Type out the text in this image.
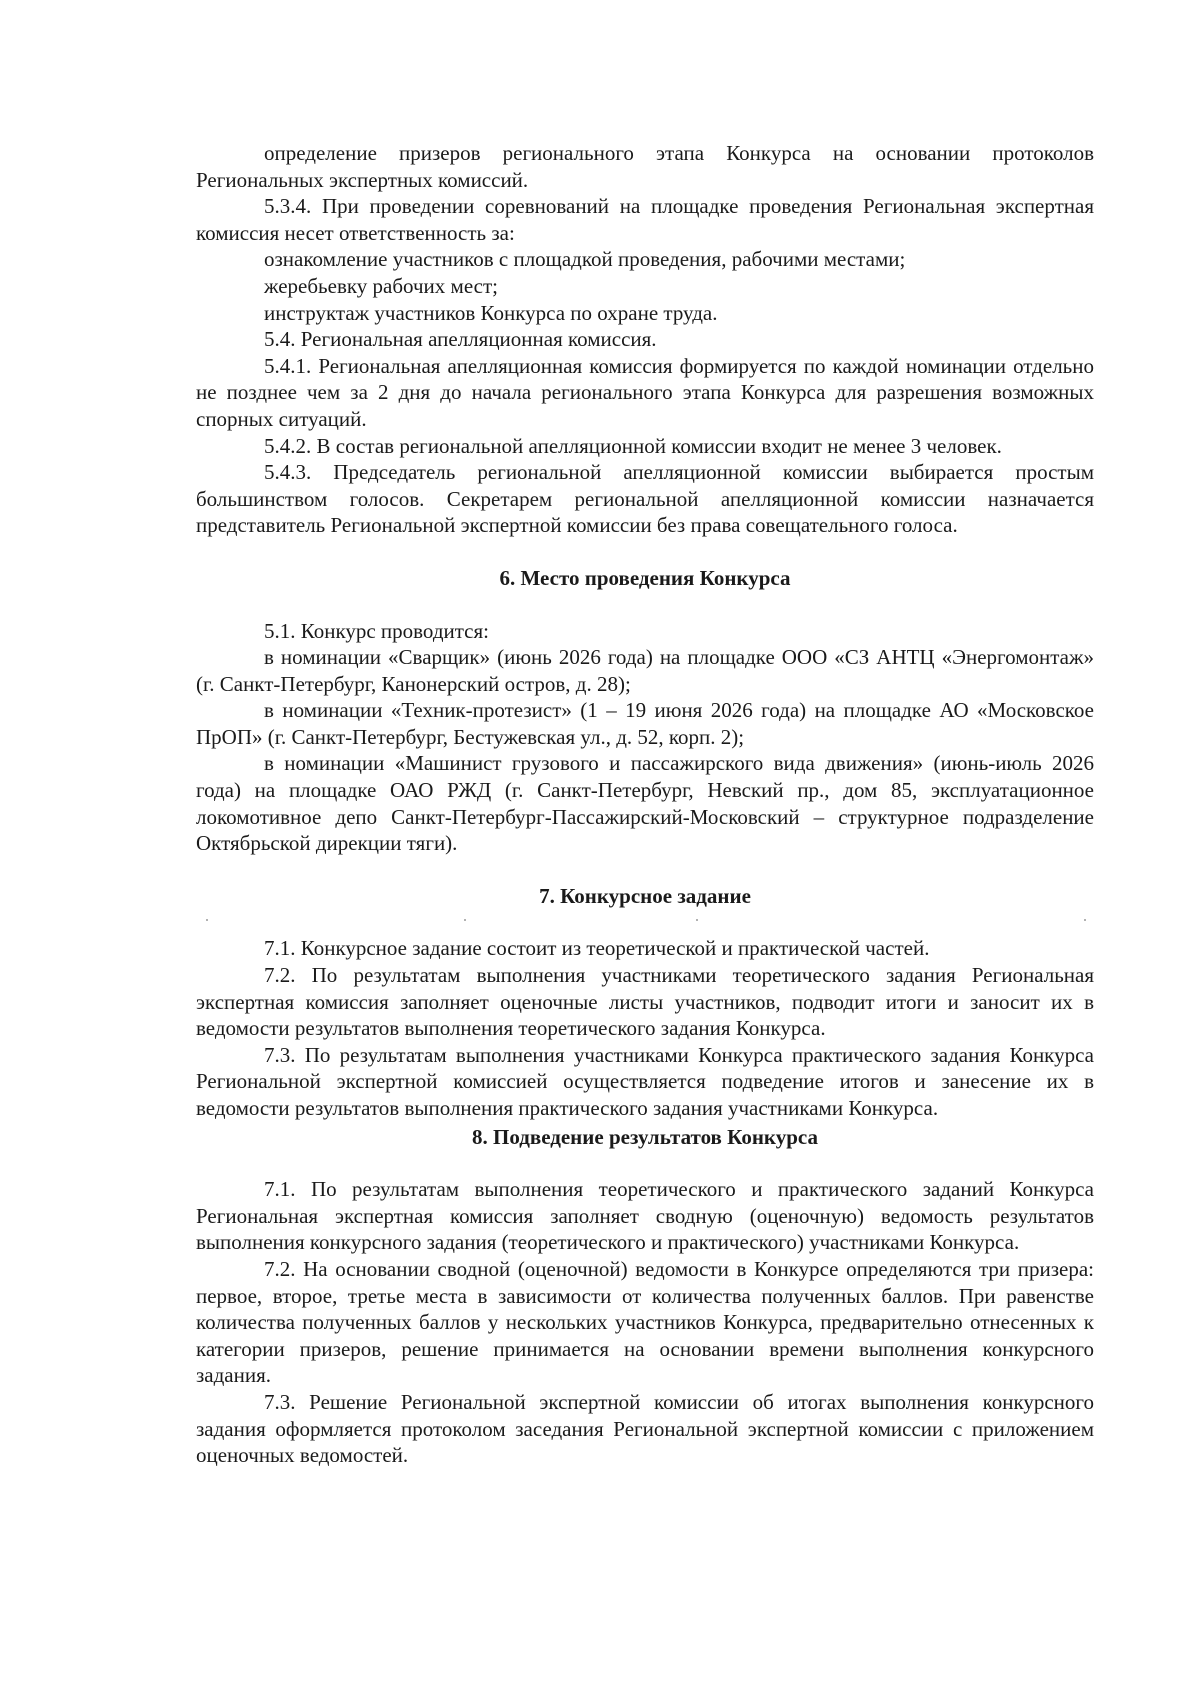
определение призеров регионального этапа Конкурса на основании протоколов Региональных экспертных комиссий.

5.3.4. При проведении соревнований на площадке проведения Региональная экспертная комиссия несет ответственность за:

ознакомление участников с площадкой проведения, рабочими местами;

жеребьевку рабочих мест;

инструктаж участников Конкурса по охране труда.

5.4. Региональная апелляционная комиссия.

5.4.1. Региональная апелляционная комиссия формируется по каждой номинации отдельно не позднее чем за 2 дня до начала регионального этапа Конкурса для разрешения возможных спорных ситуаций.

5.4.2. В состав региональной апелляционной комиссии входит не менее 3 человек.

5.4.3. Председатель региональной апелляционной комиссии выбирается простым большинством голосов. Секретарем региональной апелляционной комиссии назначается представитель Региональной экспертной комиссии без права совещательного голоса.

6. Место проведения Конкурса

5.1. Конкурс проводится:

в номинации «Сварщик» (июнь 2026 года) на площадке ООО «СЗ АНТЦ «Энергомонтаж» (г. Санкт-Петербург, Канонерский остров, д. 28);

в номинации «Техник-протезист» (1 – 19 июня 2026 года) на площадке АО «Московское ПрОП» (г. Санкт-Петербург, Бестужевская ул., д. 52, корп. 2);

в номинации «Машинист грузового и пассажирского вида движения» (июнь-июль 2026 года) на площадке ОАО РЖД (г. Санкт-Петербург, Невский пр., дом 85, эксплуатационное локомотивное депо Санкт-Петербург-Пассажирский-Московский – структурное подразделение Октябрьской дирекции тяги).

7. Конкурсное задание

7.1. Конкурсное задание состоит из теоретической и практической частей.

7.2. По результатам выполнения участниками теоретического задания Региональная экспертная комиссия заполняет оценочные листы участников, подводит итоги и заносит их в ведомости результатов выполнения теоретического задания Конкурса.

7.3. По результатам выполнения участниками Конкурса практического задания Конкурса Региональной экспертной комиссией осуществляется подведение итогов и занесение их в ведомости результатов выполнения практического задания участниками Конкурса.

8. Подведение результатов Конкурса

7.1. По результатам выполнения теоретического и практического заданий Конкурса Региональная экспертная комиссия заполняет сводную (оценочную) ведомость результатов выполнения конкурсного задания (теоретического и практического) участниками Конкурса.

7.2. На основании сводной (оценочной) ведомости в Конкурсе определяются три призера: первое, второе, третье места в зависимости от количества полученных баллов. При равенстве количества полученных баллов у нескольких участников Конкурса, предварительно отнесенных к категории призеров, решение принимается на основании времени выполнения конкурсного задания.

7.3. Решение Региональной экспертной комиссии об итогах выполнения конкурсного задания оформляется протоколом заседания Региональной экспертной комиссии с приложением оценочных ведомостей.
